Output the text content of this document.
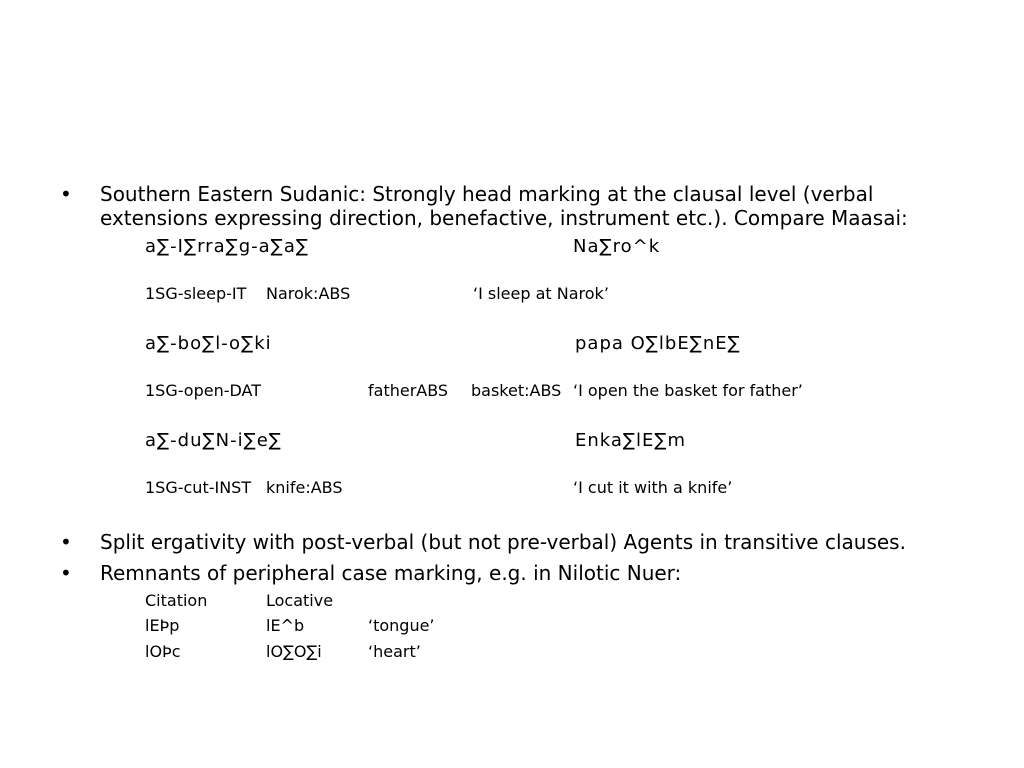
•	Southern Eastern Sudanic: Strongly head marking at the clausal level (verbal extensions expressing direction, benefactive, instrument etc.). Compare Maasai:
a∑-I∑rra∑g-a∑a∑	Na∑ro^k
1SG-sleep-IT Narok:ABS	‘I sleep at Narok’
a∑-bo∑l-o∑ki	papa O∑lbE∑nE∑
1SG-open-DAT	fatherABS basket:ABS ‘I open the basket for father’
a∑-du∑N-i∑e∑	Enka∑lE∑m
1SG-cut-INST knife:ABS	‘I cut it with a knife’
•	Split ergativity with post-verbal (but not pre-verbal) Agents in transitive clauses.
•	Remnants of peripheral case marking, e.g. in Nilotic Nuer:
Citation	Locative
lEÞp	lE^b	‘tongue’
lOÞc	lO∑O∑i	‘heart’
